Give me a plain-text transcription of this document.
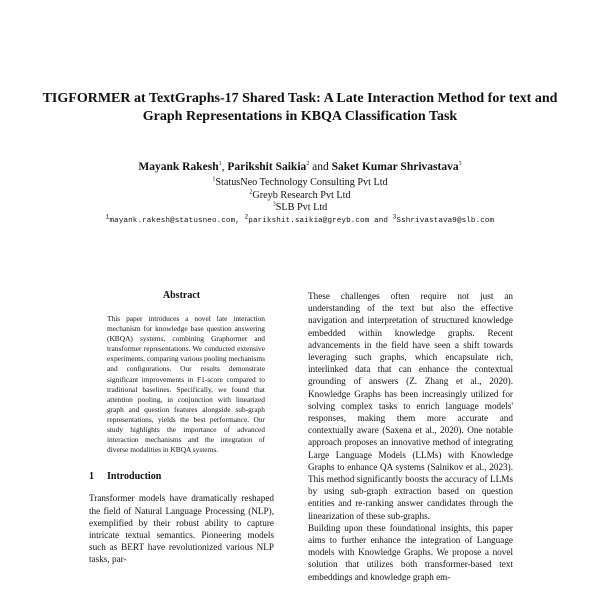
TIGFORMER at TextGraphs-17 Shared Task: A Late Interaction Method for text and Graph Representations in KBQA Classification Task
Mayank Rakesh$^1$, Parikshit Saikia$^2$ and Saket Kumar Shrivastava$^3$
$^1$StatusNeo Technology Consulting Pvt Ltd
$^2$Greyb Research Pvt Ltd
$^3$SLB Pvt Ltd
$^1$mayank.rakesh@statusneo.com, $^2$parikshit.saikia@greyb.com and $^3$Sshrivastava9@slb.com
Abstract

This paper introduces a novel late interaction mechanism for knowledge base question answering (KBQA) systems, combining Graphormer and transformer representations. We conducted extensive experiments, comparing various pooling mechanisms and configurations. Our results demonstrate significant improvements in F1-score compared to traditional baselines. Specifically, we found that attention pooling, in conjunction with linearized graph and question features alongside sub-graph representations, yields the best performance. Our study highlights the importance of advanced interaction mechanisms and the integration of diverse modalities in KBQA systems.

1 Introduction

Transformer models have dramatically reshaped the field of Natural Language Processing (NLP), exemplified by their robust ability to capture intricate textual semantics. Pioneering models such as BERT have revolutionized various NLP tasks, par-

These challenges often require not just an understanding of the text but also the effective navigation and interpretation of structured knowledge embedded within knowledge graphs. Recent advancements in the field have seen a shift towards leveraging such graphs, which encapsulate rich, interlinked data that can enhance the contextual grounding of answers (Z. Zhang et al., 2020). Knowledge Graphs has been increasingly utilized for solving complex tasks to enrich language models' responses, making them more accurate and contextually aware (Saxena et al., 2020). One notable approach proposes an innovative method of integrating Large Language Models (LLMs) with Knowledge Graphs to enhance QA systems (Salnikov et al., 2023). This method significantly boosts the accuracy of LLMs by using sub-graph extraction based on question entities and re-ranking answer candidates through the linearization of these sub-graphs.

Building upon these foundational insights, this paper aims to further enhance the integration of Language models with Knowledge Graphs. We propose a novel solution that utilizes both transformer-based text embeddings and knowledge graph em-
